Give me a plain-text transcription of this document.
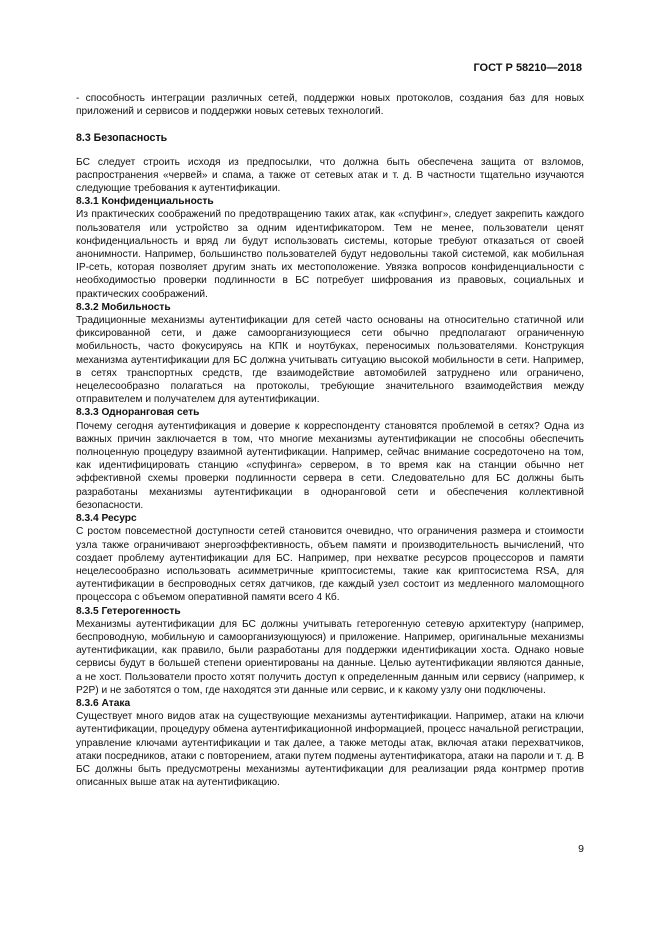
ГОСТ Р 58210—2018

- способность интеграции различных сетей, поддержки новых протоколов, создания баз для новых приложений и сервисов и поддержки новых сетевых технологий.

8.3 Безопасность

БС следует строить исходя из предпосылки, что должна быть обеспечена защита от взломов, распространения «червей» и спама, а также от сетевых атак и т. д. В частности тщательно изучаются следующие требования к аутентификации.

8.3.1 Конфиденциальность

Из практических соображений по предотвращению таких атак, как «спуфинг», следует закрепить каждого пользователя или устройство за одним идентификатором. Тем не менее, пользователи ценят конфиденциальность и вряд ли будут использовать системы, которые требуют отказаться от своей анонимности. Например, большинство пользователей будут недовольны такой системой, как мобильная IP-сеть, которая позволяет другим знать их местоположение. Увязка вопросов конфиденциальности с необходимостью проверки подлинности в БС потребует шифрования из правовых, социальных и практических соображений.

8.3.2 Мобильность

Традиционные механизмы аутентификации для сетей часто основаны на относительно статичной или фиксированной сети, и даже самоорганизующиеся сети обычно предполагают ограниченную мобильность, часто фокусируясь на КПК и ноутбуках, переносимых пользователями. Конструкция механизма аутентификации для БС должна учитывать ситуацию высокой мобильности в сети. Например, в сетях транспортных средств, где взаимодействие автомобилей затруднено или ограничено, нецелесообразно полагаться на протоколы, требующие значительного взаимодействия между отправителем и получателем для аутентификации.

8.3.3 Одноранговая сеть

Почему сегодня аутентификация и доверие к корреспонденту становятся проблемой в сетях? Одна из важных причин заключается в том, что многие механизмы аутентификации не способны обеспечить полноценную процедуру взаимной аутентификации. Например, сейчас внимание сосредоточено на том, как идентифицировать станцию «спуфинга» сервером, в то время как на станции обычно нет эффективной схемы проверки подлинности сервера в сети. Следовательно для БС должны быть разработаны механизмы аутентификации в одноранговой сети и обеспечения коллективной безопасности.

8.3.4 Ресурс

С ростом повсеместной доступности сетей становится очевидно, что ограничения размера и стоимости узла также ограничивают энергоэффективность, объем памяти и производительность вычислений, что создает проблему аутентификации для БС. Например, при нехватке ресурсов процессоров и памяти нецелесообразно использовать асимметричные криптосистемы, такие как криптосистема RSA, для аутентификации в беспроводных сетях датчиков, где каждый узел состоит из медленного маломощного процессора с объемом оперативной памяти всего 4 Кб.

8.3.5 Гетерогенность

Механизмы аутентификации для БС должны учитывать гетерогенную сетевую архитектуру (например, беспроводную, мобильную и самоорганизующуюся) и приложение. Например, оригинальные механизмы аутентификации, как правило, были разработаны для поддержки идентификации хоста. Однако новые сервисы будут в большей степени ориентированы на данные. Целью аутентификации являются данные, а не хост. Пользователи просто хотят получить доступ к определенным данным или сервису (например, к P2P) и не заботятся о том, где находятся эти данные или сервис, и к какому узлу они подключены.

8.3.6 Атака

Существует много видов атак на существующие механизмы аутентификации. Например, атаки на ключи аутентификации, процедуру обмена аутентификационной информацией, процесс начальной регистрации, управление ключами аутентификации и так далее, а также методы атак, включая атаки перехватчиков, атаки посредников, атаки с повторением, атаки путем подмены аутентификатора, атаки на пароли и т. д. В БС должны быть предусмотрены механизмы аутентификации для реализации ряда контрмер против описанных выше атак на аутентификацию.

9
